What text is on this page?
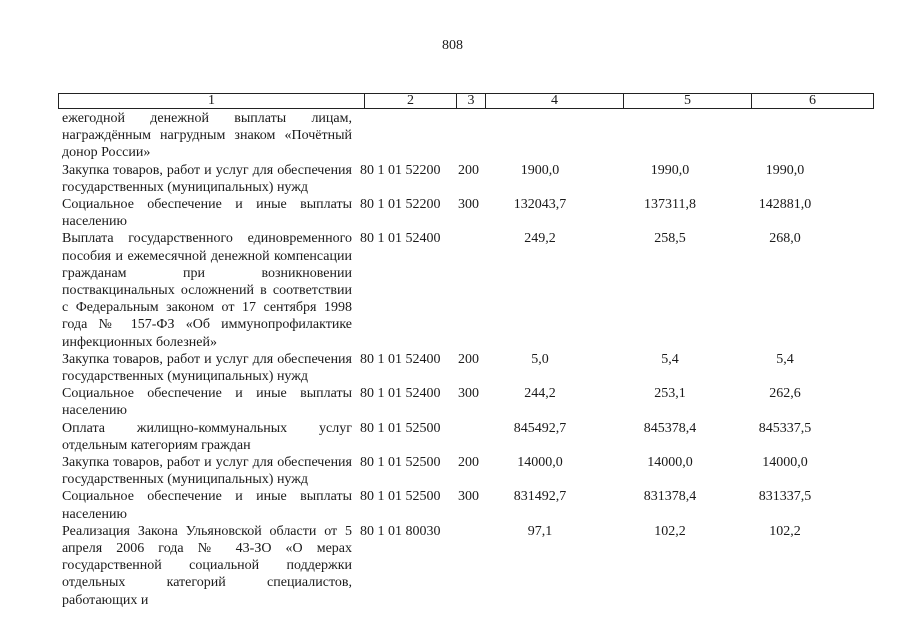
808
1	2	3	4	5	6
ежегодной денежной выплаты лицам, награждённым нагрудным знаком «Почётный донор России»
Закупка товаров, работ и услуг для обеспечения государственных (муниципальных) нужд
80 1 01 52200 200	1900,0	1990,0	1990,0
Социальное обеспечение и иные выплаты населению
80 1 01 52200 300	132043,7	137311,8	142881,0
Выплата государственного единовременного пособия и ежемесячной денежной компенсации гражданам при возникновении поствакцинальных осложнений в соответствии с Федеральным законом от 17 сентября 1998 года № 157-ФЗ «Об иммунопрофилактике инфекционных болезней»
80 1 01 52400	249,2	258,5	268,0
Закупка товаров, работ и услуг для обеспечения государственных (муниципальных) нужд
80 1 01 52400 200	5,0	5,4	5,4
Социальное обеспечение и иные выплаты населению
80 1 01 52400 300	244,2	253,1	262,6
Оплата жилищно-коммунальных услуг отдельным категориям граждан
80 1 01 52500	845492,7	845378,4	845337,5
Закупка товаров, работ и услуг для обеспечения государственных (муниципальных) нужд
80 1 01 52500 200	14000,0	14000,0	14000,0
Социальное обеспечение и иные выплаты населению
80 1 01 52500 300	831492,7	831378,4	831337,5
Реализация Закона Ульяновской области от 5 апреля 2006 года № 43-ЗО «О мерах государственной социальной поддержки отдельных категорий специалистов, работающих и
80 1 01 80030	97,1	102,2	102,2
